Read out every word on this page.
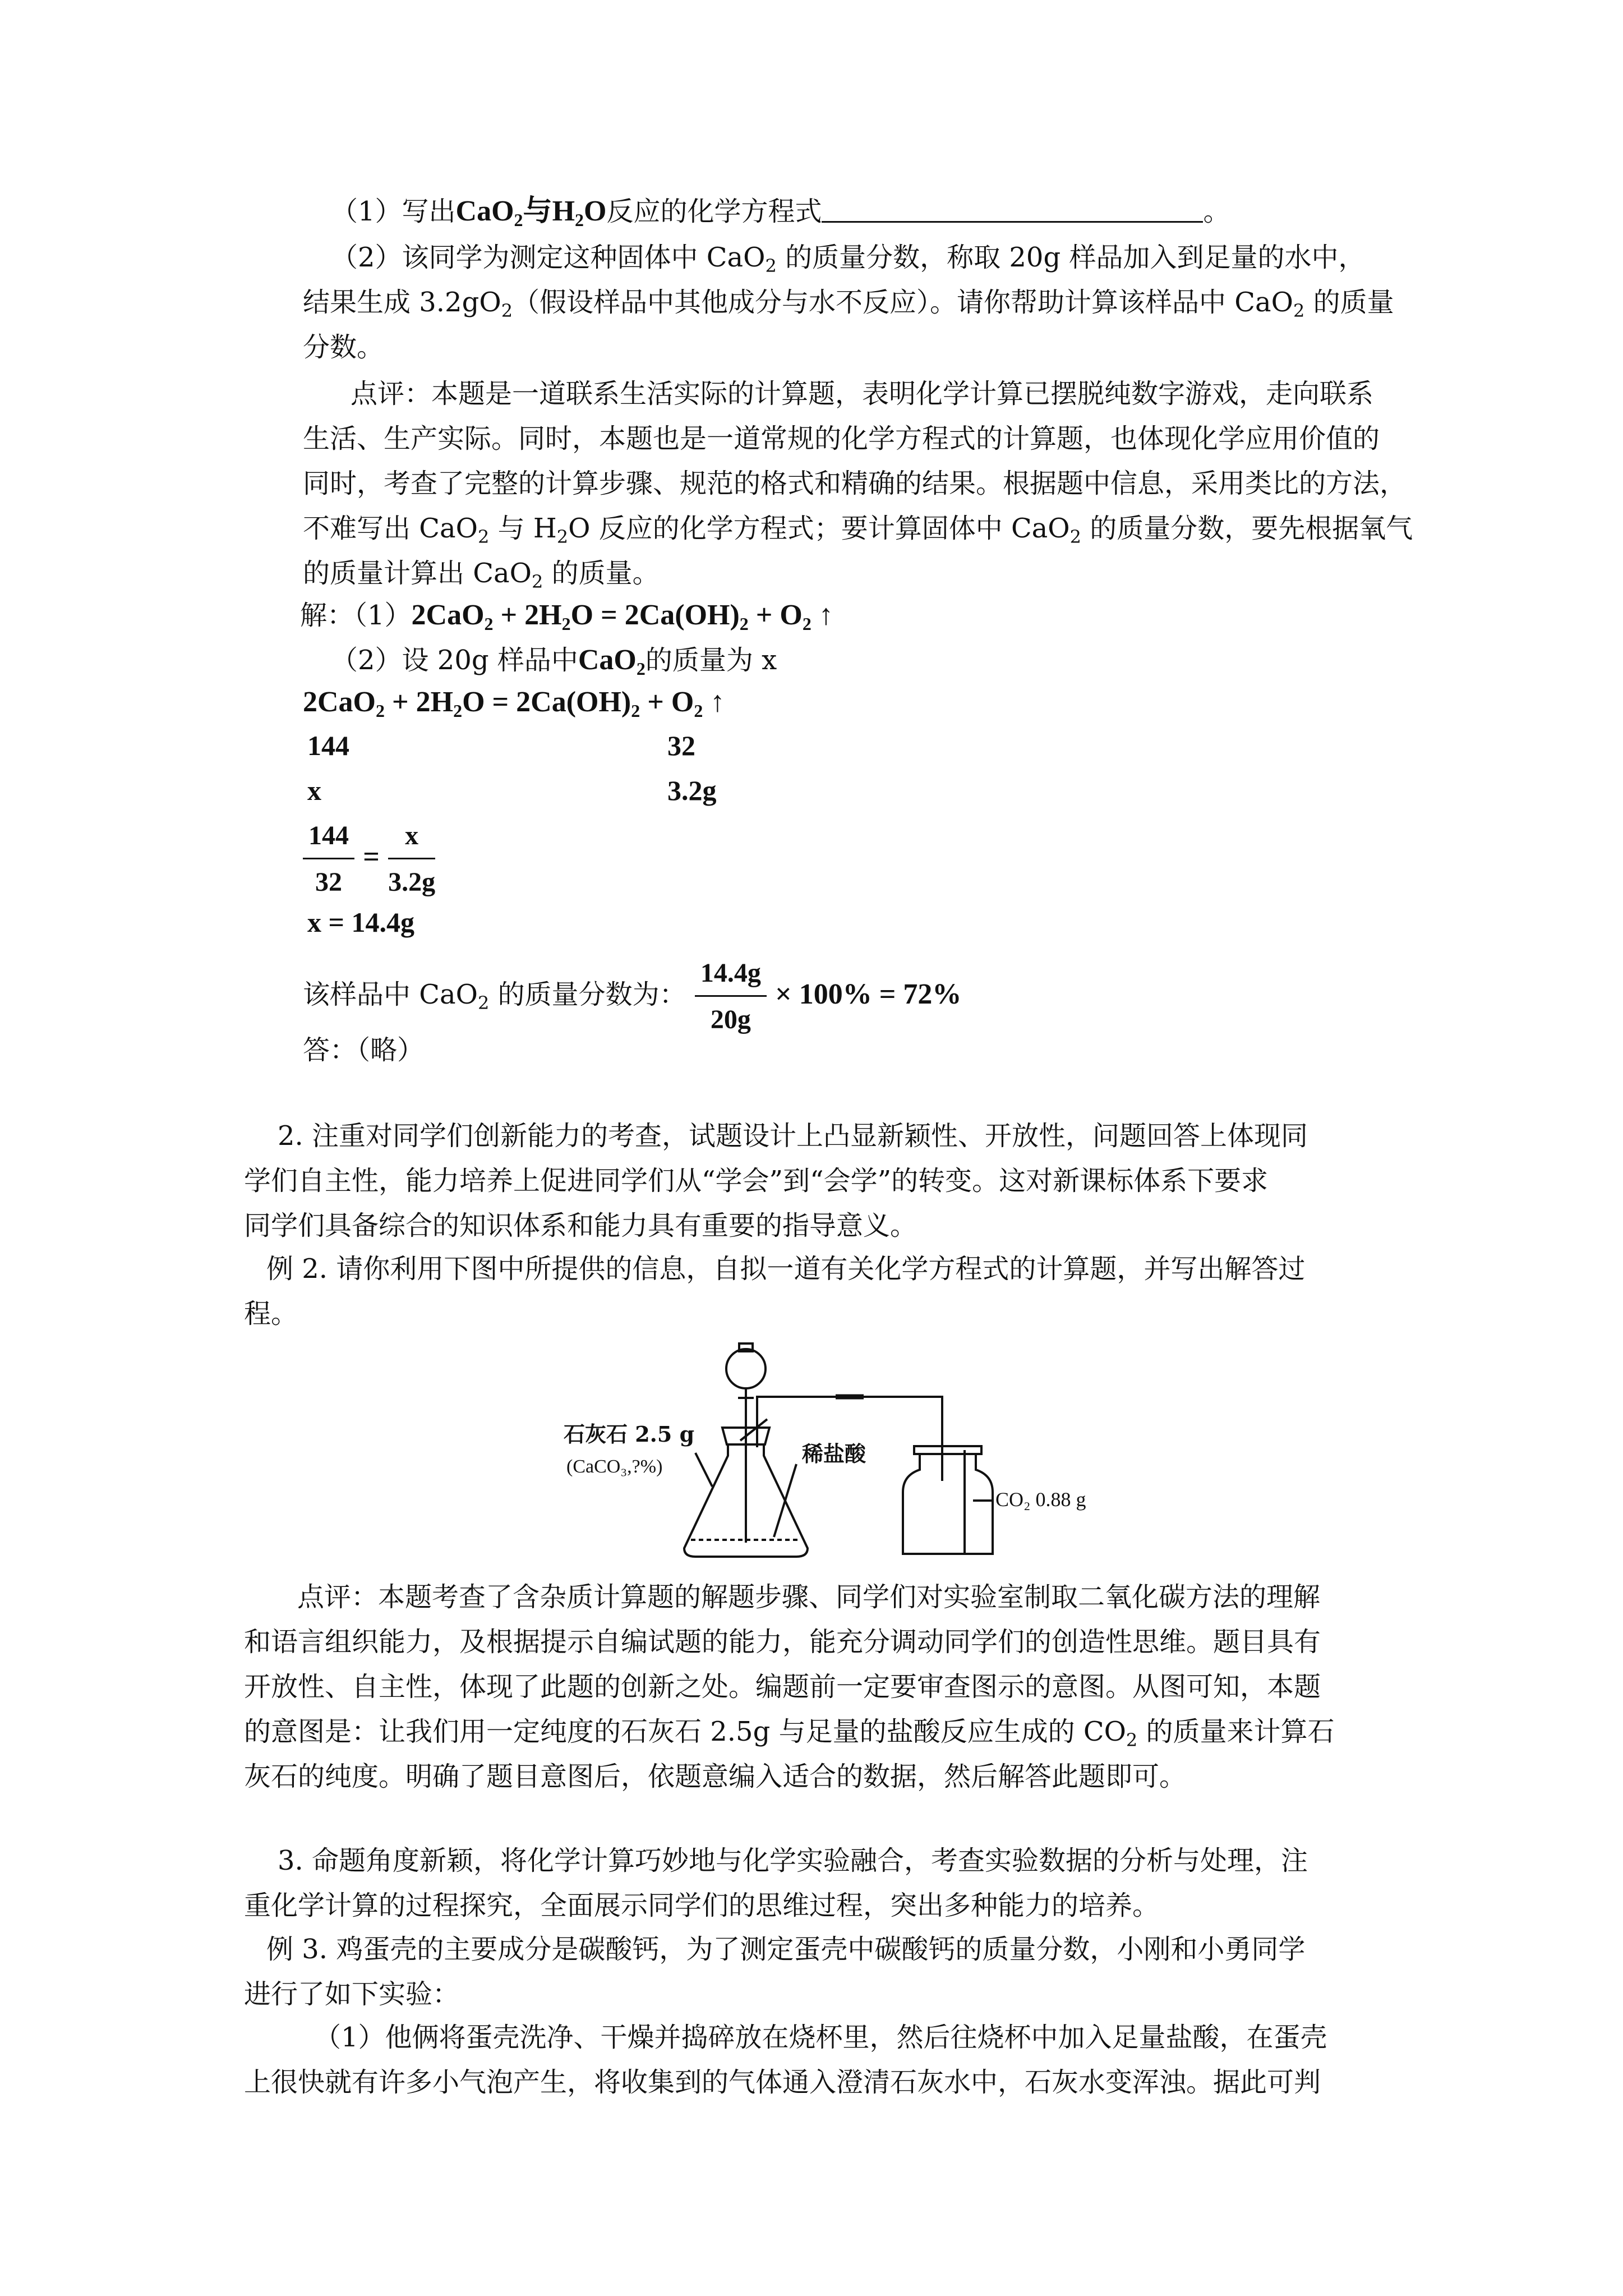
（1）写出CaO$_2$与$H_2O$反应的化学方程式	。
（2）该同学为测定这种固体中 CaO$_2$ 的质量分数，称取 20g 样品加入到足量的水中，
结果生成 $3.2gO_2$（假设样品中其他成分与水不反应）。请你帮助计算该样品中 CaO$_2$ 的质量
分数。
点评：本题是一道联系生活实际的计算题，表明化学计算已摆脱纯数字游戏，走向联系
生活、生产实际。同时，本题也是一道常规的化学方程式的计算题，也体现化学应用价值的
同时，考查了完整的计算步骤、规范的格式和精确的结果。根据题中信息，采用类比的方法，
不难写出 CaO$_2$ 与 $H_2O$ 反应的化学方程式；要计算固体中 CaO$_2$ 的质量分数，要先根据氧气
的质量计算出 CaO$_2$ 的质量。
解：$(1)2CaO_2 + 2H_2O = 2Ca(OH)_2 + O_2$ ↑
（2）设 20g 样品中CaO$_2$的质量为 x
$2CaO_2 + 2H_2O = 2Ca(OH)_2 + O_2$ ↑
144	32
x	3.2g
$\frac{144}{32} = \frac{x}{3.2g}$
x = 14.4g
该样品中 CaO$_2$ 的质量分数为： $\frac{14.4g}{20g} \times 100\% = 72\%$
答：（略）
2. 注重对同学们创新能力的考查，试题设计上凸显新颖性、开放性，问题回答上体现同
学们自主性，能力培养上促进同学们从“学会”到“会学”的转变。这对新课标体系下要求
同学们具备综合的知识体系和能力具有重要的指导意义。
例 2. 请你利用下图中所提供的信息，自拟一道有关化学方程式的计算题，并写出解答过
程。
石灰石 2.5 g
(CaCO₃,?%)
稀盐酸
CO₂ 0.88 g
点评：本题考查了含杂质计算题的解题步骤、同学们对实验室制取二氧化碳方法的理解
和语言组织能力，及根据提示自编试题的能力，能充分调动同学们的创造性思维。题目具有
开放性、自主性，体现了此题的创新之处。编题前一定要审查图示的意图。从图可知，本题
的意图是：让我们用一定纯度的石灰石 2.5g 与足量的盐酸反应生成的 $CO_2$ 的质量来计算石
灰石的纯度。明确了题目意图后，依题意编入适合的数据，然后解答此题即可。
3. 命题角度新颖，将化学计算巧妙地与化学实验融合，考查实验数据的分析与处理，注
重化学计算的过程探究，全面展示同学们的思维过程，突出多种能力的培养。
例 3. 鸡蛋壳的主要成分是碳酸钙，为了测定蛋壳中碳酸钙的质量分数，小刚和小勇同学
进行了如下实验：
（1）他俩将蛋壳洗净、干燥并捣碎放在烧杯里，然后往烧杯中加入足量盐酸，在蛋壳
上很快就有许多小气泡产生，将收集到的气体通入澄清石灰水中，石灰水变浑浊。据此可判
